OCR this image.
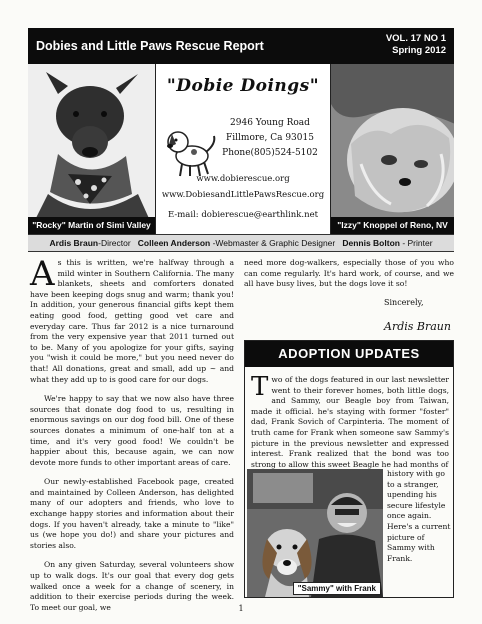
Dobies and Little Paws Rescue Report
VOL. 17 NO 1
Spring 2012
"Rocky" Martin of Simi Valley
"Dobie Doings"
2946 Young Road
Fillmore, Ca 93015
Phone(805)524-5102
www.dobierescue.org
www.DobiesandLittlePawsRescue.org
E-mail: dobierescue@earthlink.net
"Izzy" Knoppel of Reno, NV
Ardis Braun-Director Colleen Anderson -Webmaster & Graphic Designer Dennis Bolton - Printer

As this is written, we're halfway through a mild winter in Southern California. The many blankets, sheets and comforters donated have been keeping dogs snug and warm; thank you! In addition, your generous financial gifts kept them eating good food, getting good vet care and everyday care. Thus far 2012 is a nice turnaround from the very expensive year that 2011 turned out to be. Many of you apologize for your gifts, saying you "wish it could be more," but you need never do that! All donations, great and small, add up ~ and what they add up to is good care for our dogs.

We're happy to say that we now also have three sources that donate dog food to us, resulting in enormous savings on our dog food bill. One of these sources donates a minimum of one-half ton at a time, and it's very good food! We couldn't be happier about this, because again, we can now devote more funds to other important areas of care.

Our newly-established Facebook page, created and maintained by Colleen Anderson, has delighted many of our adopters and friends, who love to exchange happy stories and information about their dogs. If you haven't already, take a minute to "like" us (we hope you do!) and share your pictures and stories also.

On any given Saturday, several volunteers show up to walk dogs. It's our goal that every dog gets walked once a week for a change of scenery, in addition to their exercise periods during the week. To meet our goal, we

need more dog-walkers, especially those of you who can come regularly. It's hard work, of course, and we all have busy lives, but the dogs love it so!

Sincerely,
Ardis Braun
ADOPTION UPDATES
Two of the dogs featured in our last newsletter went to their forever homes, both little dogs, and Sammy, our Beagle boy from Taiwan, made it official. he's staying with former "foster" dad, Frank Sovich of Carpinteria. The moment of truth came for Frank when someone saw Sammy's picture in the previous newsletter and expressed interest. Frank realized that the bond was too strong to allow this sweet Beagle he had months of
"Sammy" with Frank
history with go to a stranger, upending his secure lifestyle once again. Here's a current picture of Sammy with Frank.
1
